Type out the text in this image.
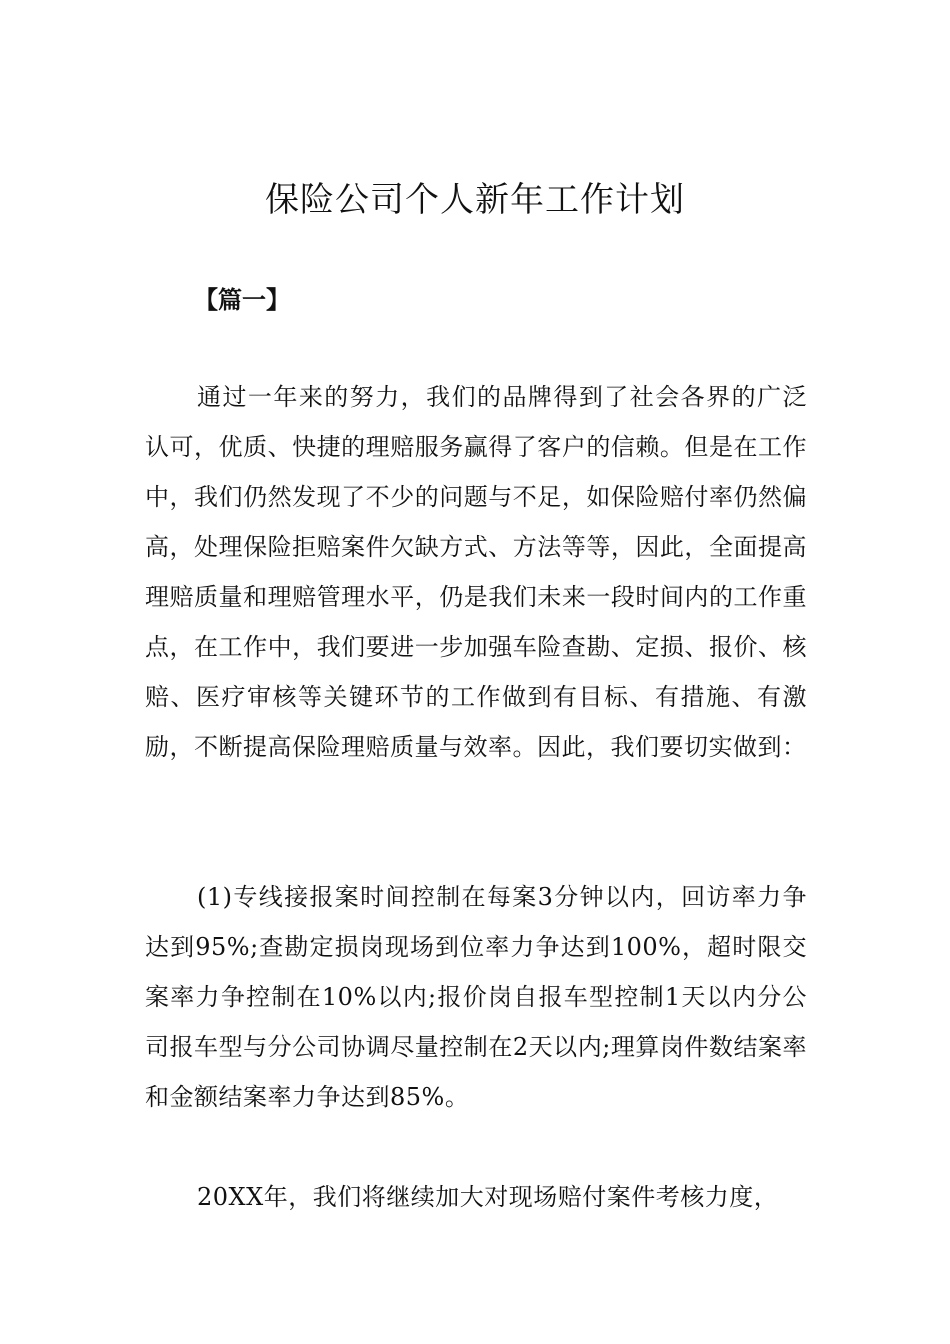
保险公司个人新年工作计划

【篇一】

通过一年来的努力，我们的品牌得到了社会各界的广泛认可，优质、快捷的理赔服务赢得了客户的信赖。但是在工作中，我们仍然发现了不少的问题与不足，如保险赔付率仍然偏高，处理保险拒赔案件欠缺方式、方法等等，因此，全面提高理赔质量和理赔管理水平，仍是我们未来一段时间内的工作重点，在工作中，我们要进一步加强车险查勘、定损、报价、核赔、医疗审核等关键环节的工作做到有目标、有措施、有激励，不断提高保险理赔质量与效率。因此，我们要切实做到：

(1)专线接报案时间控制在每案3分钟以内，回访率力争达到95%;查勘定损岗现场到位率力争达到100%，超时限交案率力争控制在10%以内;报价岗自报车型控制1天以内分公司报车型与分公司协调尽量控制在2天以内;理算岗件数结案率和金额结案率力争达到85%。

20XX年，我们将继续加大对现场赔付案件考核力度，
